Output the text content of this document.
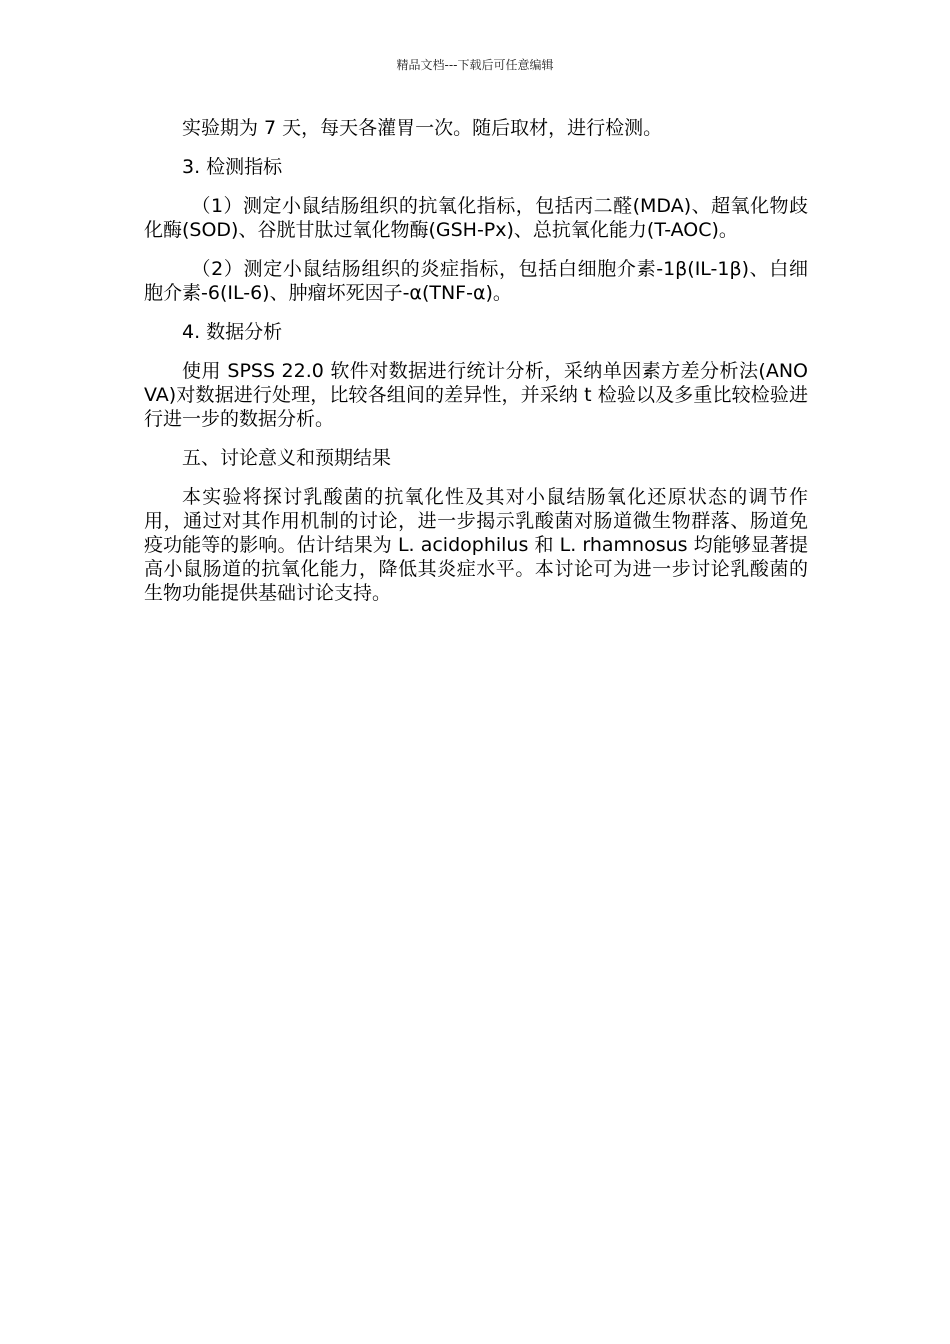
精品文档---下载后可任意编辑

实验期为 7 天，每天各灌胃一次。随后取材，进行检测。

3. 检测指标

（1）测定小鼠结肠组织的抗氧化指标，包括丙二醛(MDA)、超氧化物歧化酶(SOD)、谷胱甘肽过氧化物酶(GSH-Px)、总抗氧化能力(T-AOC)。

（2）测定小鼠结肠组织的炎症指标，包括白细胞介素-1β(IL-1β)、白细胞介素-6(IL-6)、肿瘤坏死因子-α(TNF-α)。

4. 数据分析

使用 SPSS 22.0 软件对数据进行统计分析，采纳单因素方差分析法(ANOVA)对数据进行处理，比较各组间的差异性，并采纳 t 检验以及多重比较检验进行进一步的数据分析。

五、讨论意义和预期结果

本实验将探讨乳酸菌的抗氧化性及其对小鼠结肠氧化还原状态的调节作用，通过对其作用机制的讨论，进一步揭示乳酸菌对肠道微生物群落、肠道免疫功能等的影响。估计结果为 L. acidophilus 和 L. rhamnosus 均能够显著提高小鼠肠道的抗氧化能力，降低其炎症水平。本讨论可为进一步讨论乳酸菌的生物功能提供基础讨论支持。
